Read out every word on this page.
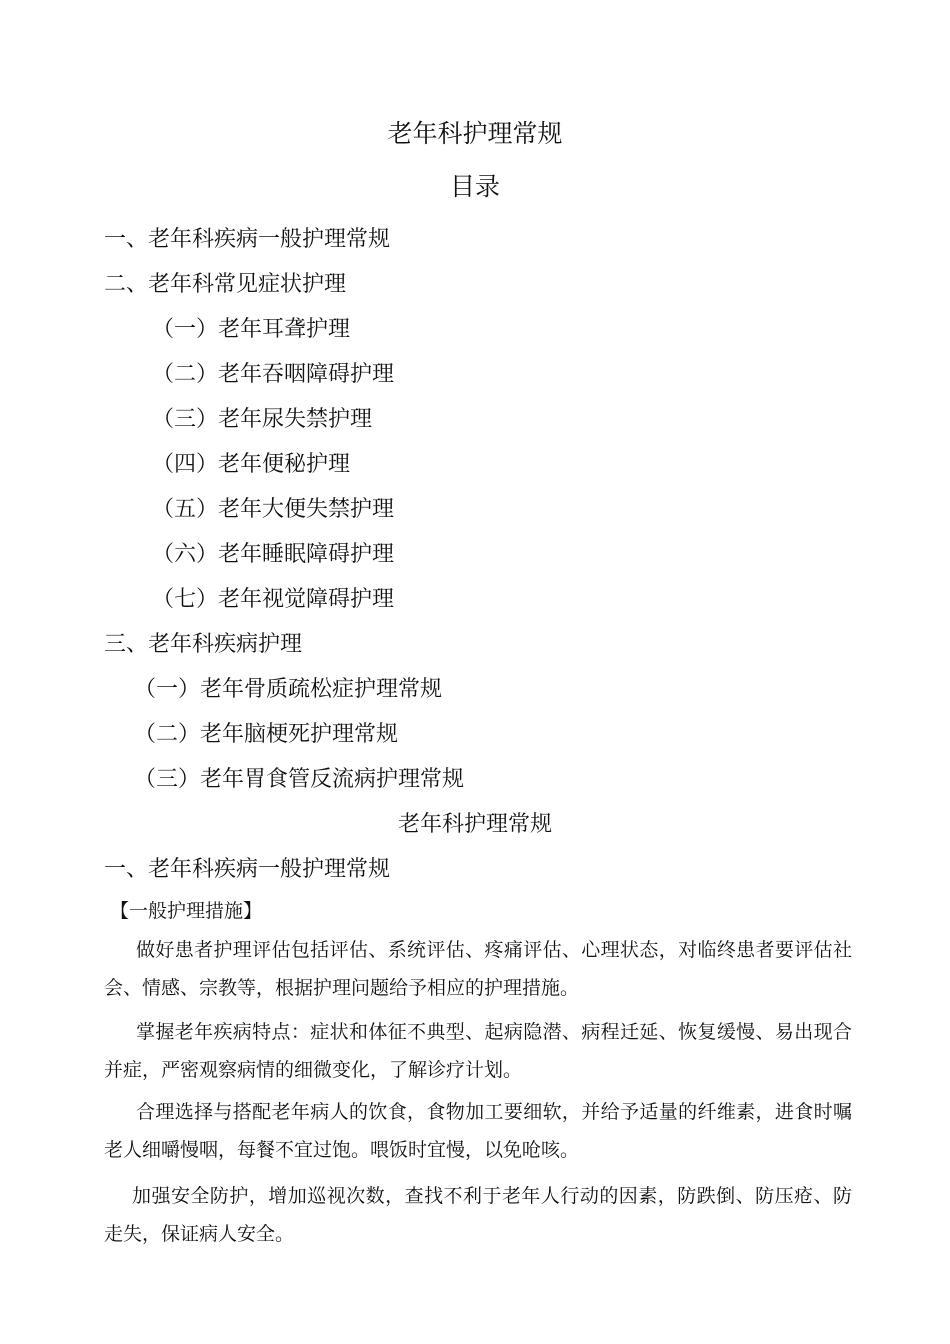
老年科护理常规
目录
一、老年科疾病一般护理常规
二、老年科常见症状护理
（一）老年耳聋护理
（二）老年吞咽障碍护理
（三）老年尿失禁护理
（四）老年便秘护理
（五）老年大便失禁护理
（六）老年睡眠障碍护理
（七）老年视觉障碍护理
三、老年科疾病护理
（一）老年骨质疏松症护理常规
（二）老年脑梗死护理常规
（三）老年胃食管反流病护理常规
老年科护理常规
一、老年科疾病一般护理常规
【一般护理措施】

做好患者护理评估包括评估、系统评估、疼痛评估、心理状态，对临终患者要评估社会、情感、宗教等，根据护理问题给予相应的护理措施。

掌握老年疾病特点：症状和体征不典型、起病隐潜、病程迁延、恢复缓慢、易出现合并症，严密观察病情的细微变化，了解诊疗计划。

合理选择与搭配老年病人的饮食，食物加工要细软，并给予适量的纤维素，进食时嘱老人细嚼慢咽，每餐不宜过饱。喂饭时宜慢，以免呛咳。

加强安全防护，增加巡视次数，查找不利于老年人行动的因素，防跌倒、防压疮、防走失，保证病人安全。
